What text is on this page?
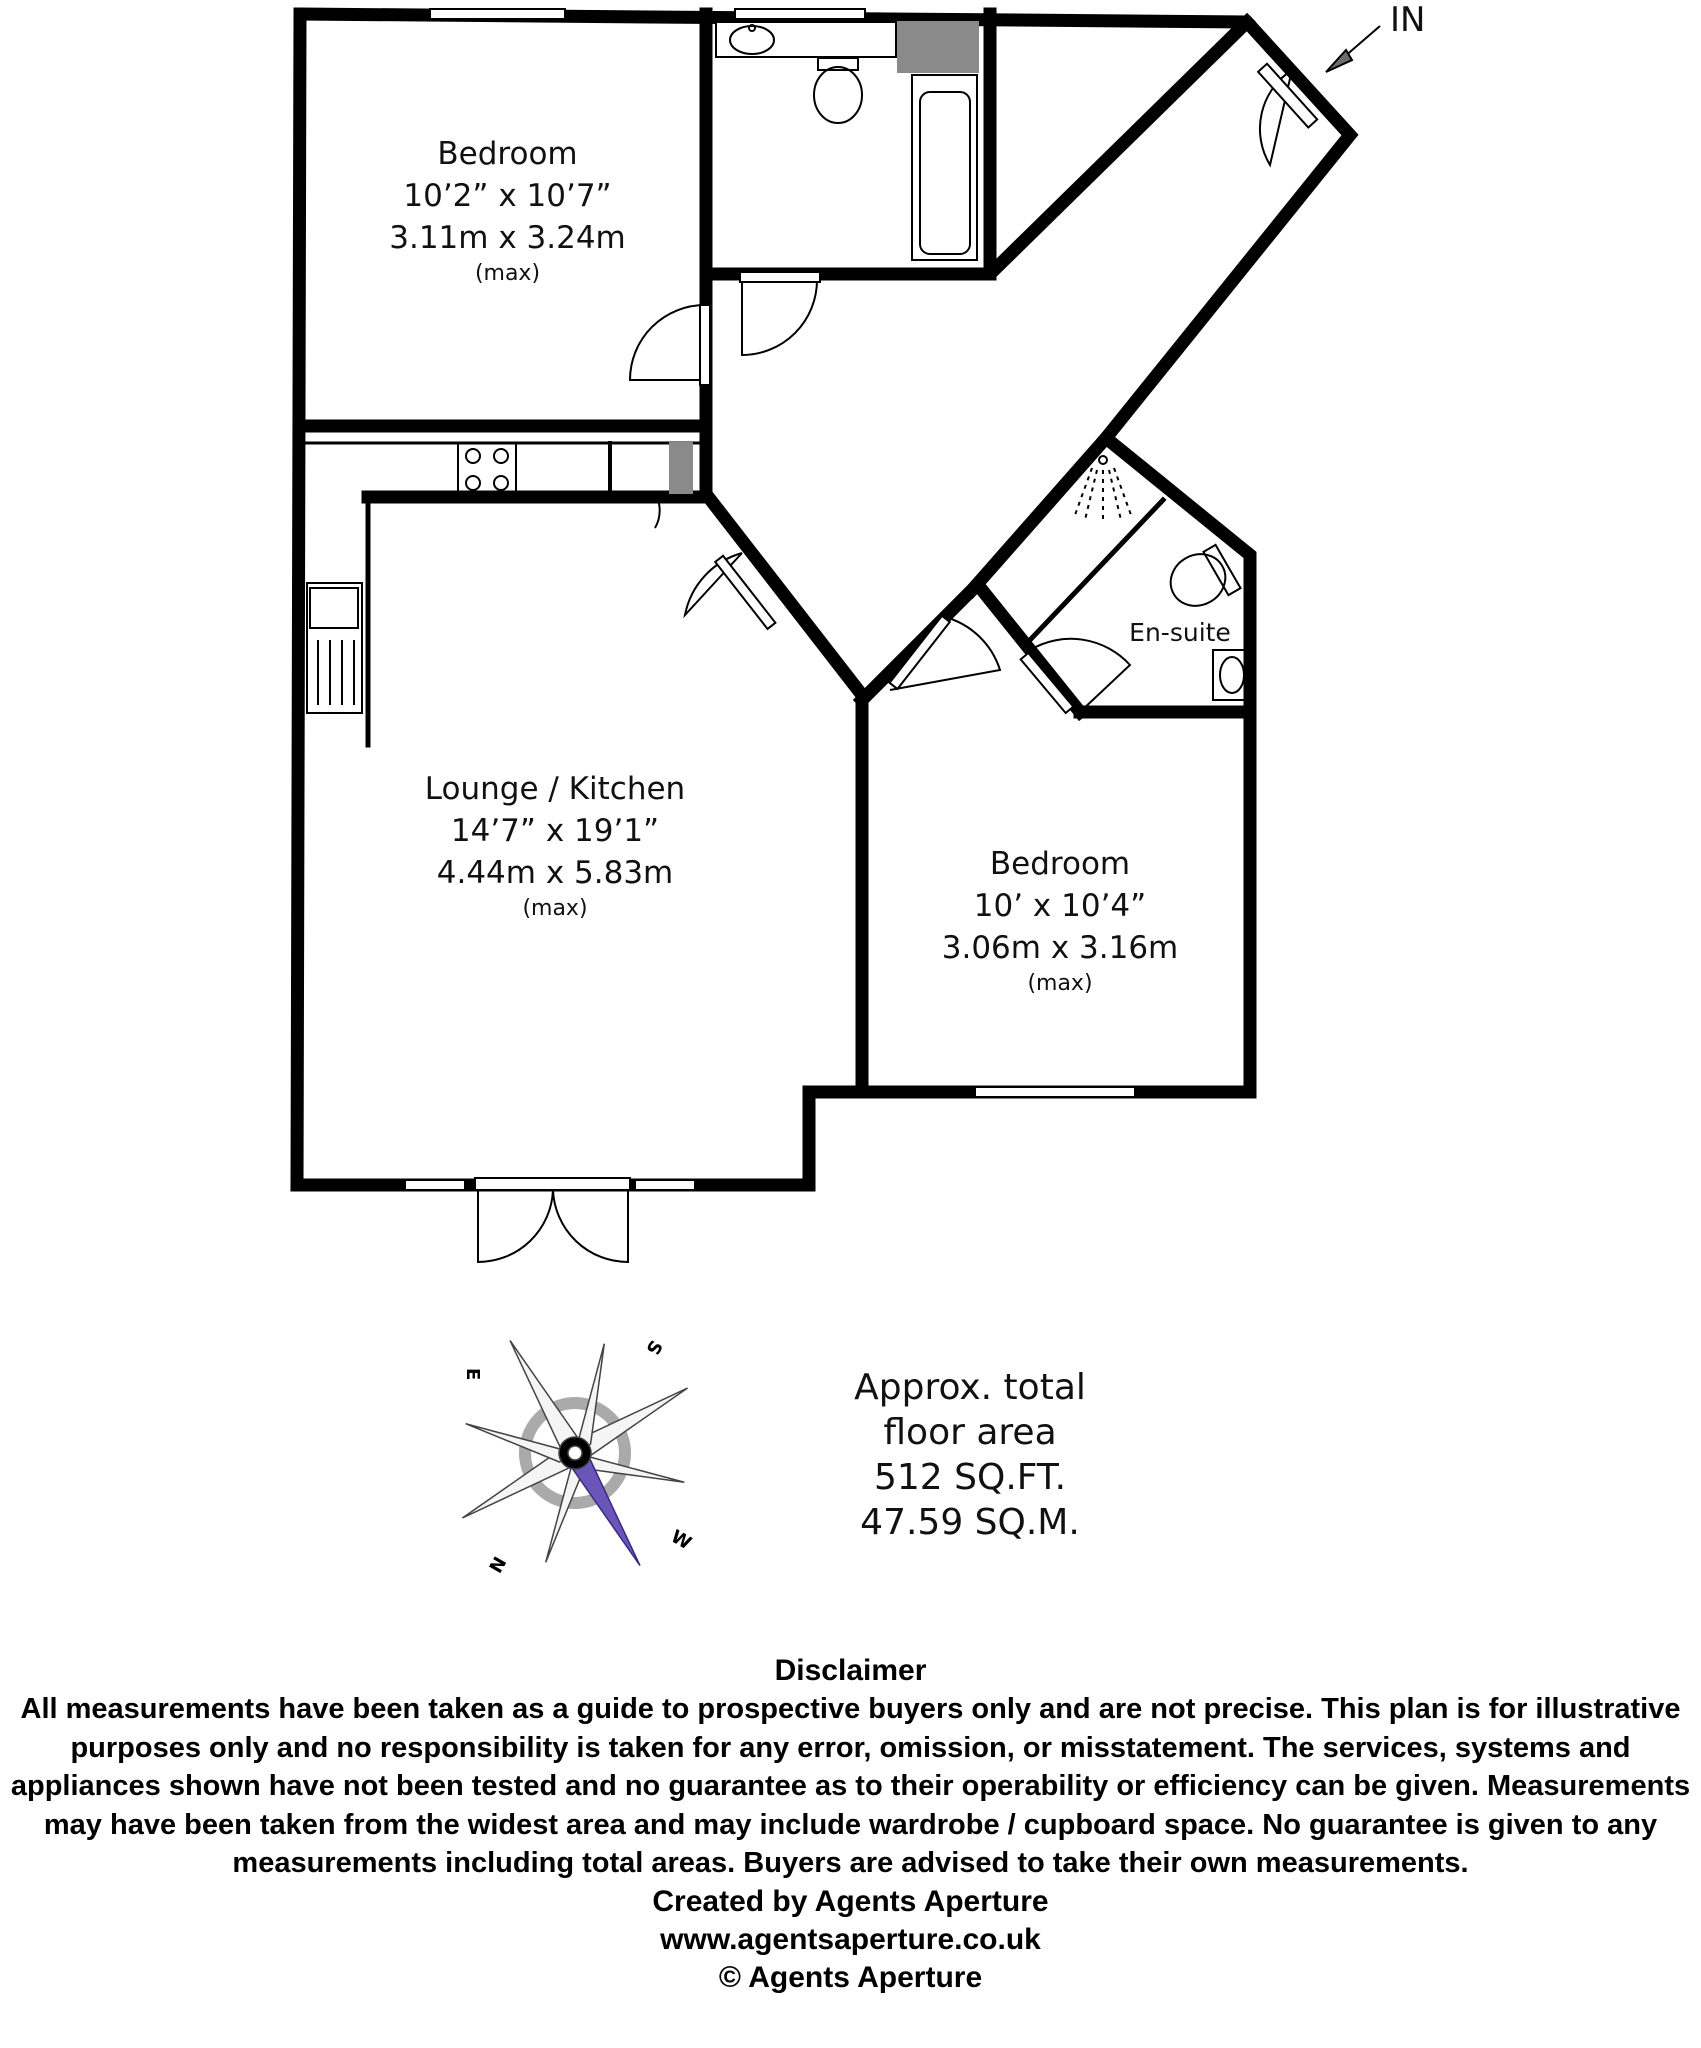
N
E
S
W
IN
Bedroom
10’2” x 10’7”
3.11m x 3.24m
(max)
Lounge / Kitchen
14’7” x 19’1”
4.44m x 5.83m
(max)
Bedroom
10’ x 10’4”
3.06m x 3.16m
(max)
En-suite
Approx. total
floor area
512 SQ.FT.
47.59 SQ.M.
Disclaimer
All measurements have been taken as a guide to prospective buyers only and are not precise. This plan is for illustrative purposes only and no responsibility is taken for any error, omission, or misstatement. The services, systems and appliances shown have not been tested and no guarantee as to their operability or efficiency can be given. Measurements may have been taken from the widest area and may include wardrobe / cupboard space. No guarantee is given to any measurements including total areas. Buyers are advised to take their own measurements.
Created by Agents Aperture
www.agentsaperture.co.uk
© Agents Aperture
